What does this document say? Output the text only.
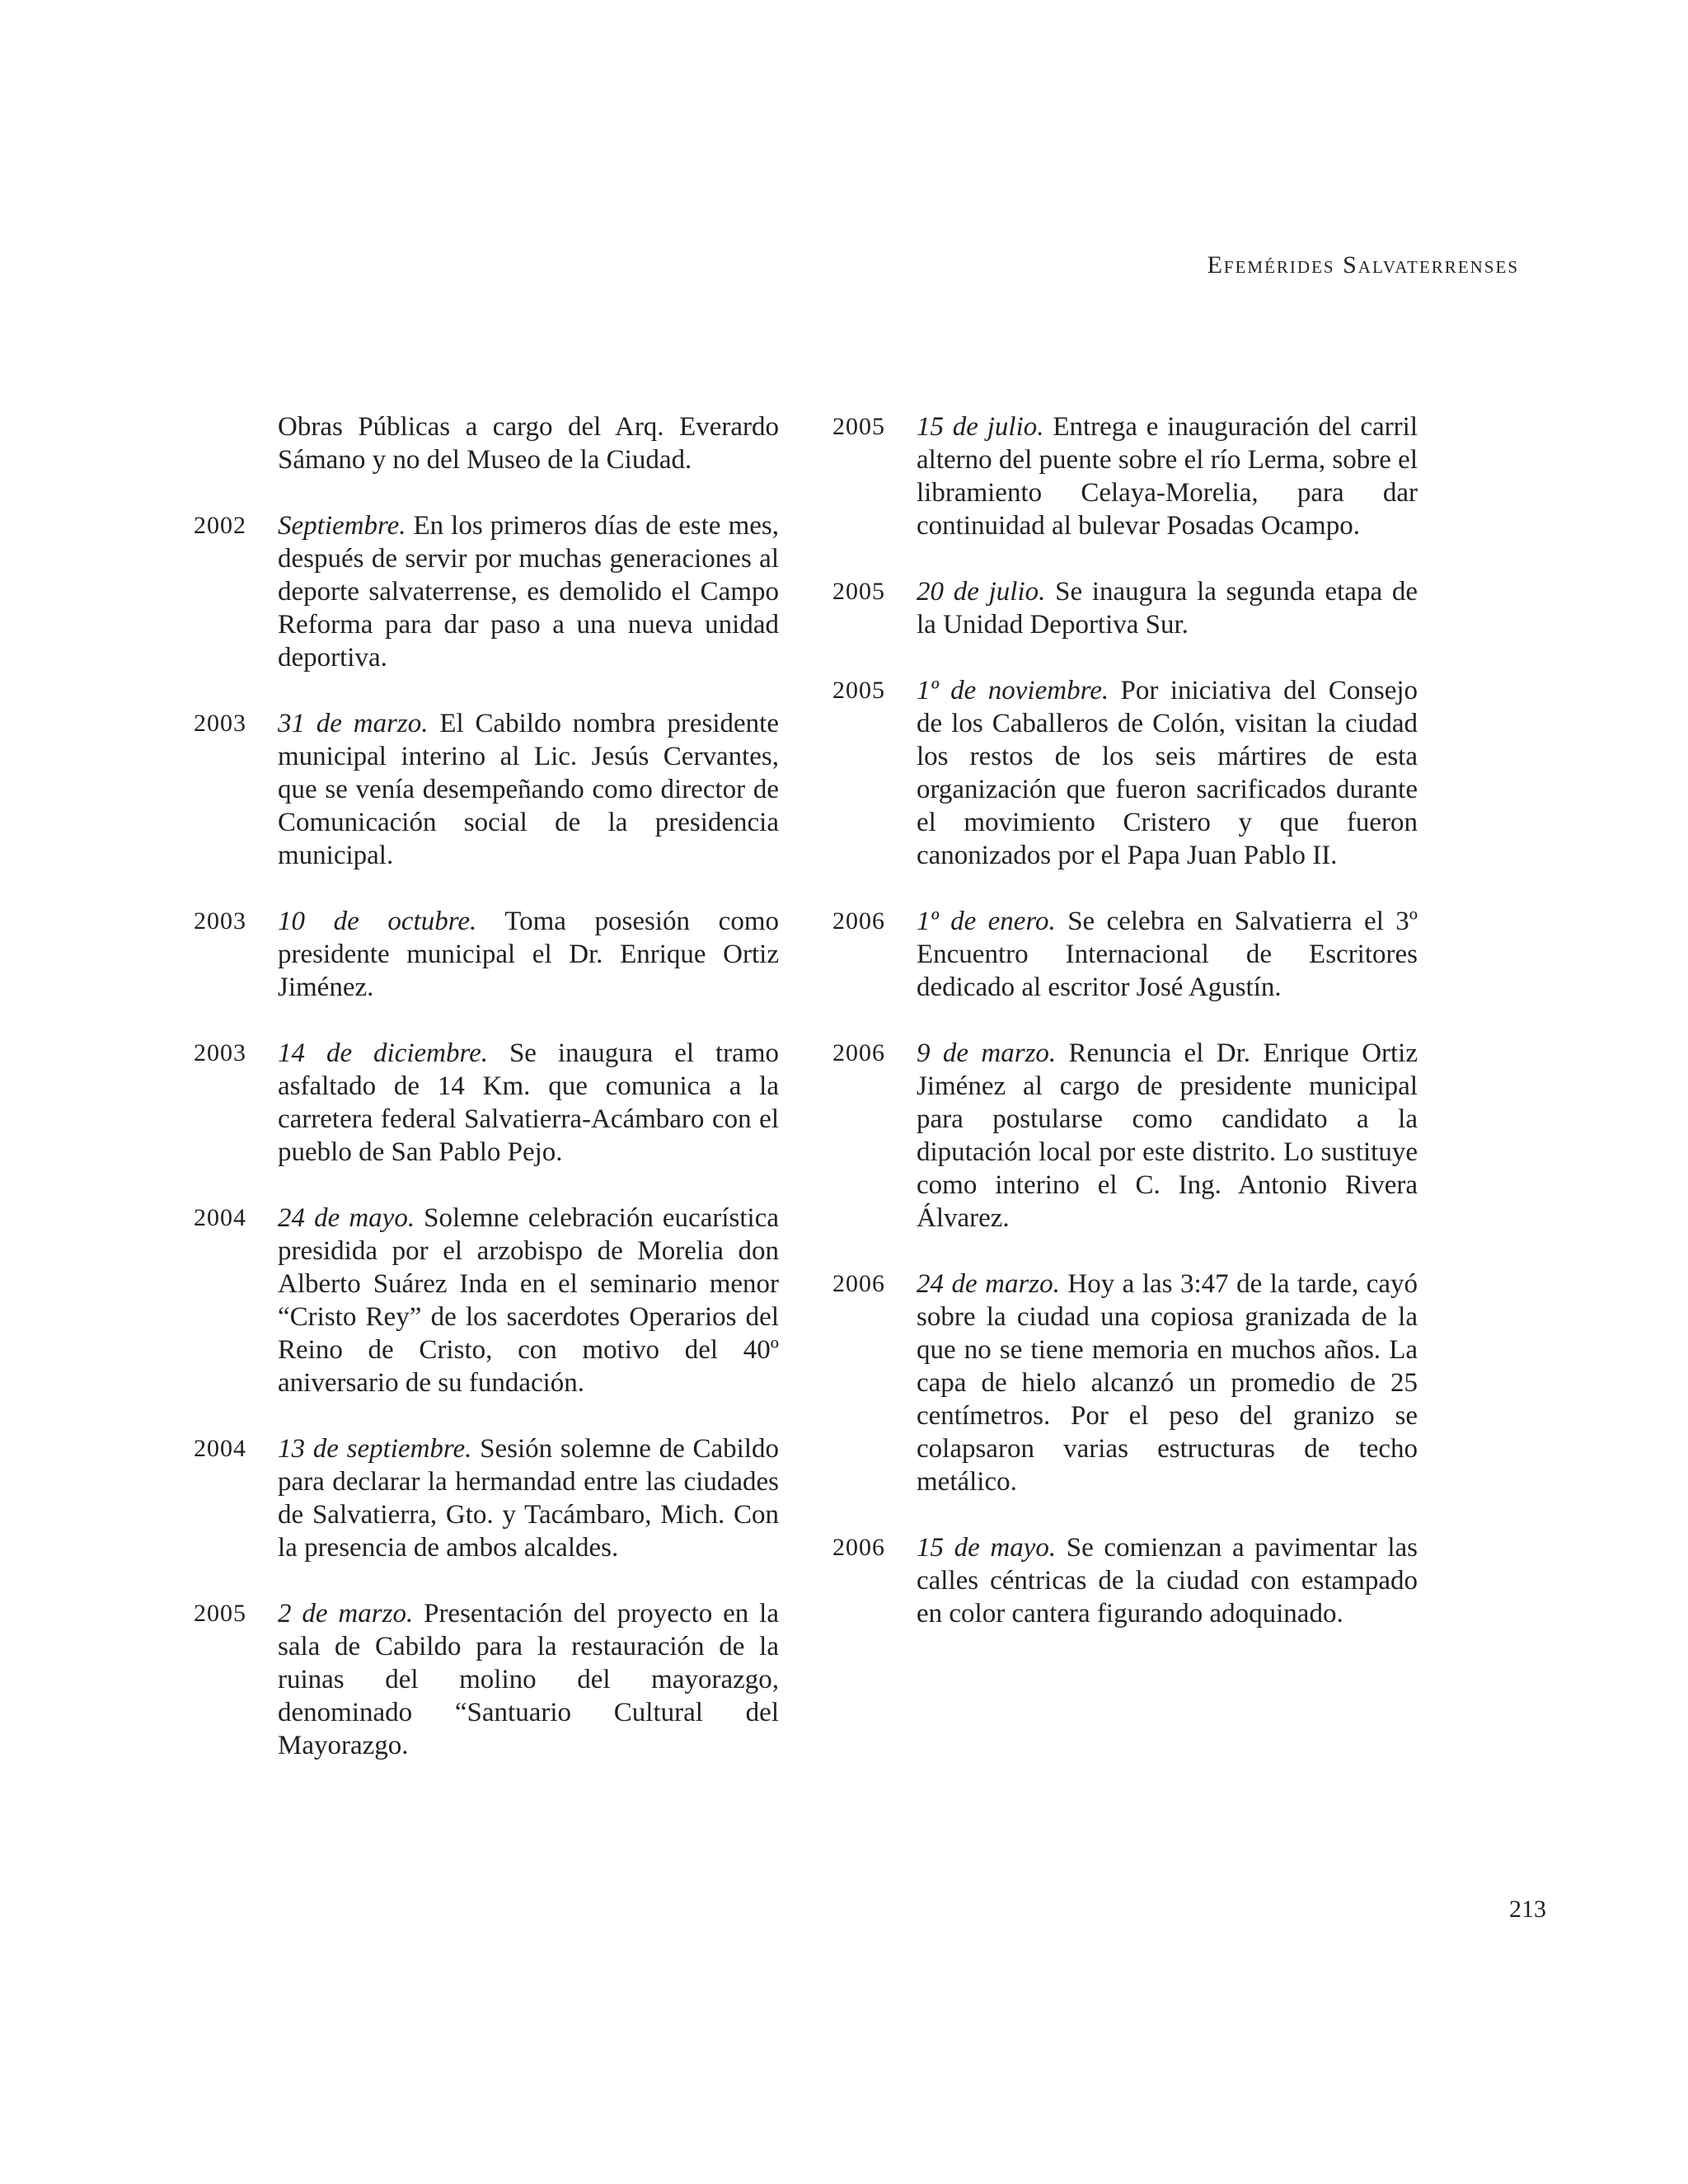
Efemérides Salvaterrenses
Obras Públicas a cargo del Arq. Everardo Sámano y no del Museo de la Ciudad.
2002 Septiembre. En los primeros días de este mes, después de servir por muchas generaciones al deporte salvaterrense, es demolido el Campo Reforma para dar paso a una nueva unidad deportiva.
2003 31 de marzo. El Cabildo nombra presidente municipal interino al Lic. Jesús Cervantes, que se venía desempeñando como director de Comunicación social de la presidencia municipal.
2003 10 de octubre. Toma posesión como presidente municipal el Dr. Enrique Ortiz Jiménez.
2003 14 de diciembre. Se inaugura el tramo asfaltado de 14 Km. que comunica a la carretera federal Salvatierra-Acámbaro con el pueblo de San Pablo Pejo.
2004 24 de mayo. Solemne celebración eucarística presidida por el arzobispo de Morelia don Alberto Suárez Inda en el seminario menor “Cristo Rey” de los sacerdotes Operarios del Reino de Cristo, con motivo del 40º aniversario de su fundación.
2004 13 de septiembre. Sesión solemne de Cabildo para declarar la hermandad entre las ciudades de Salvatierra, Gto. y Tacámbaro, Mich. Con la presencia de ambos alcaldes.
2005 2 de marzo. Presentación del proyecto en la sala de Cabildo para la restauración de la ruinas del molino del mayorazgo, denominado “Santuario Cultural del Mayorazgo.
2005 15 de julio. Entrega e inauguración del carril alterno del puente sobre el río Lerma, sobre el libramiento Celaya-Morelia, para dar continuidad al bulevar Posadas Ocampo.
2005 20 de julio. Se inaugura la segunda etapa de la Unidad Deportiva Sur.
2005 1º de noviembre. Por iniciativa del Consejo de los Caballeros de Colón, visitan la ciudad los restos de los seis mártires de esta organización que fueron sacrificados durante el movimiento Cristero y que fueron canonizados por el Papa Juan Pablo II.
2006 1º de enero. Se celebra en Salvatierra el 3º Encuentro Internacional de Escritores dedicado al escritor José Agustín.
2006 9 de marzo. Renuncia el Dr. Enrique Ortiz Jiménez al cargo de presidente municipal para postularse como candidato a la diputación local por este distrito. Lo sustituye como interino el C. Ing. Antonio Rivera Álvarez.
2006 24 de marzo. Hoy a las 3:47 de la tarde, cayó sobre la ciudad una copiosa granizada de la que no se tiene memoria en muchos años. La capa de hielo alcanzó un promedio de 25 centímetros. Por el peso del granizo se colapsaron varias estructuras de techo metálico.
2006 15 de mayo. Se comienzan a pavimentar las calles céntricas de la ciudad con estampado en color cantera figurando adoquinado.
213
